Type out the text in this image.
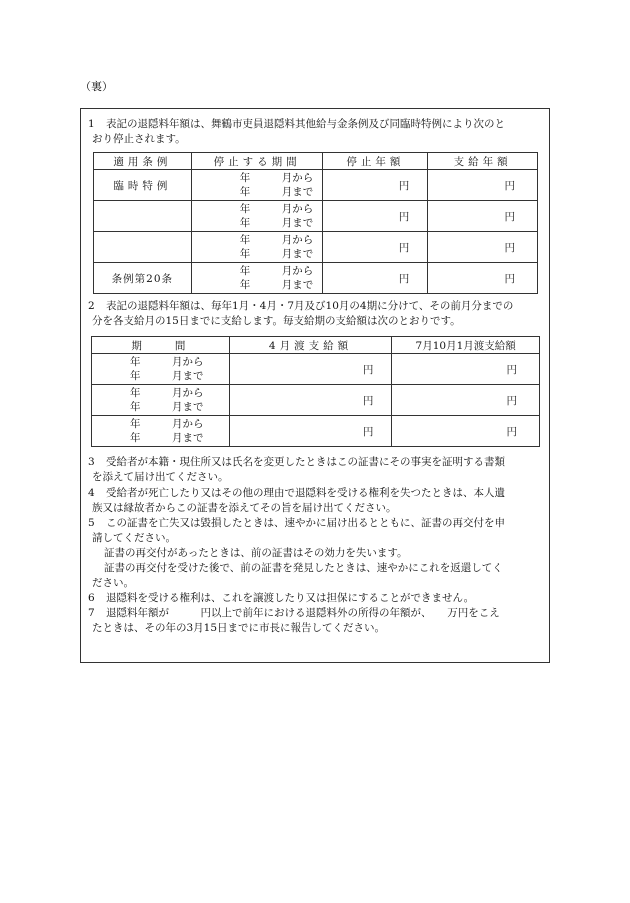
（裏）
1 表記の退隠料年額は、舞鶴市吏員退隠料其他給与金条例及び同臨時特例により次のと
おり停止されます。
適用条例	停止する期間	停止年額	支給年額
臨時特例	年　　　月から
年　　　月まで	円	円

	年　　　月から
年　　　月まで	円	円

	年　　　月から
年　　　月まで	円	円
条例第20条	年　　　月から
年　　　月まで	円	円
2 表記の退隠料年額は、毎年1月・4月・7月及び10月の4期に分けて、その前月分までの
分を各支給月の15日までに支給します。毎支給期の支給額は次のとおりです。
期　　間	4月渡支給額	7月10月1月渡支給額

年　　　月から
年　　　月まで	円	円

年　　　月から
年　　　月まで	円	円

年　　　月から
年　　　月まで	円	円
3 受給者が本籍・現住所又は氏名を変更したときはこの証書にその事実を証明する書類
を添えて届け出てください。
4 受給者が死亡したり又はその他の理由で退隠料を受ける権利を失つたときは、本人遺
族又は縁故者からこの証書を添えてその旨を届け出てください。
5 この証書を亡失又は毀損したときは、速やかに届け出るとともに、証書の再交付を申
請してください。
証書の再交付があったときは、前の証書はその効力を失います。
証書の再交付を受けた後で、前の証書を発見したときは、速やかにこれを返還してく
ださい。
6 退隠料を受ける権利は、これを譲渡したり又は担保にすることができません。
7 退隠料年額が　　　円以上で前年における退隠料外の所得の年額が、　　万円をこえ
たときは、その年の3月15日までに市長に報告してください。
